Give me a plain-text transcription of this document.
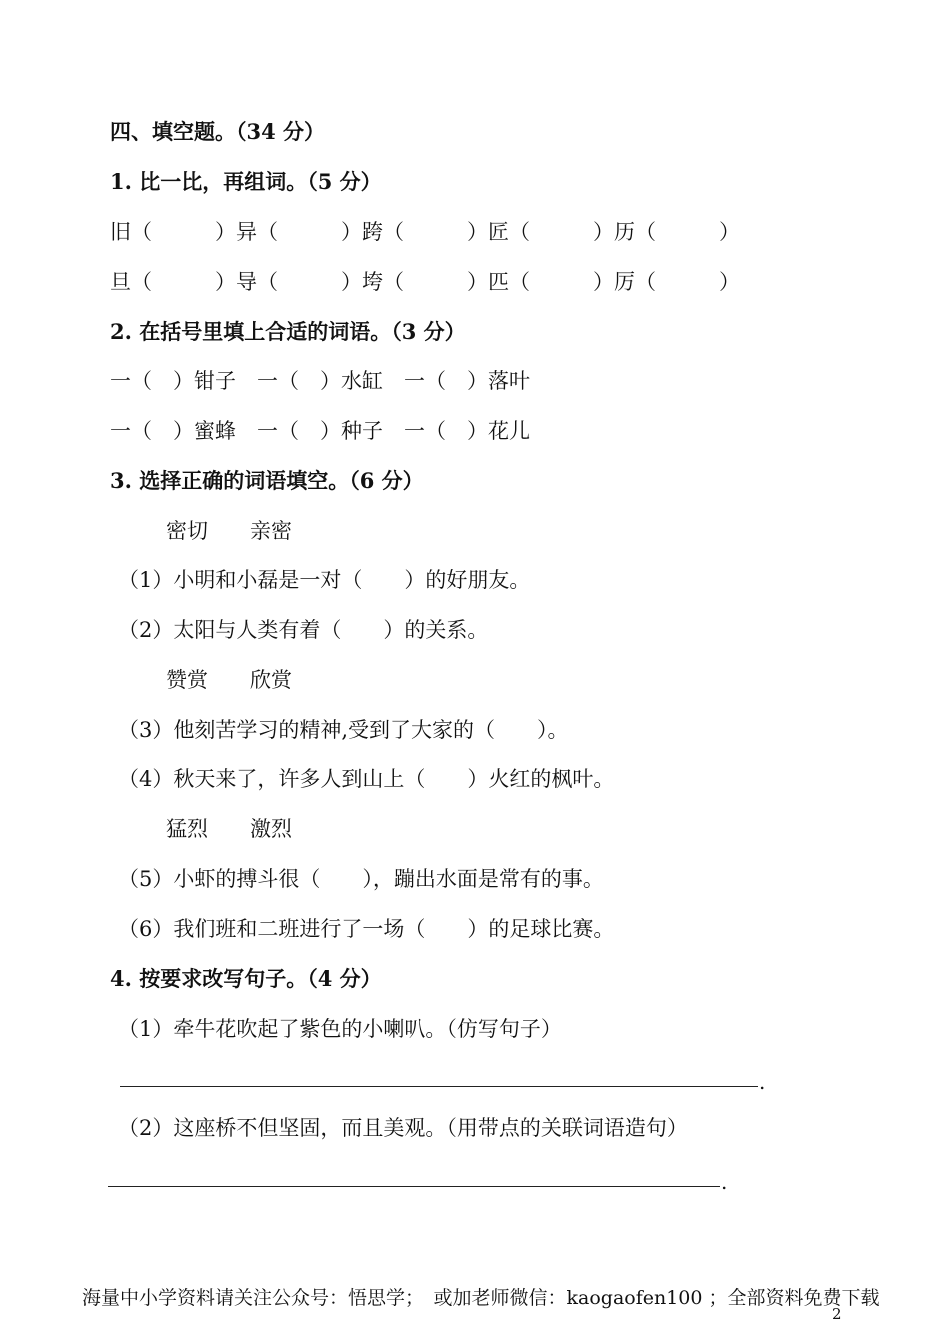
四、填空题。（34 分）
1. 比一比，再组词。（5 分）
旧（　　　）异（　　　）跨（　　　）匠（　　　）历（　　　）
旦（　　　）导（　　　）垮（　　　）匹（　　　）厉（　　　）
2. 在括号里填上合适的词语。（3 分）
一（　）钳子　一（　）水缸　一（　）落叶
一（　）蜜蜂　一（　）种子　一（　）花儿
3. 选择正确的词语填空。（6 分）
密切　　亲密
（1）小明和小磊是一对（　　）的好朋友。
（2）太阳与人类有着（　　）的关系。
赞赏　　欣赏
（3）他刻苦学习的精神,受到了大家的（　　）。
（4）秋天来了，许多人到山上（　　）火红的枫叶。
猛烈　　激烈
（5）小虾的搏斗很（　　），蹦出水面是常有的事。
（6）我们班和二班进行了一场（　　）的足球比赛。
4. 按要求改写句子。（4 分）
（1）牵牛花吹起了紫色的小喇叭。（仿写句子）
.
（2）这座桥不但坚固，而且美观。（用带点的关联词语造句）
.
海量中小学资料请关注公众号：悟思学；　或加老师微信：kaogaofen100 ；全部资料免费下载
2
